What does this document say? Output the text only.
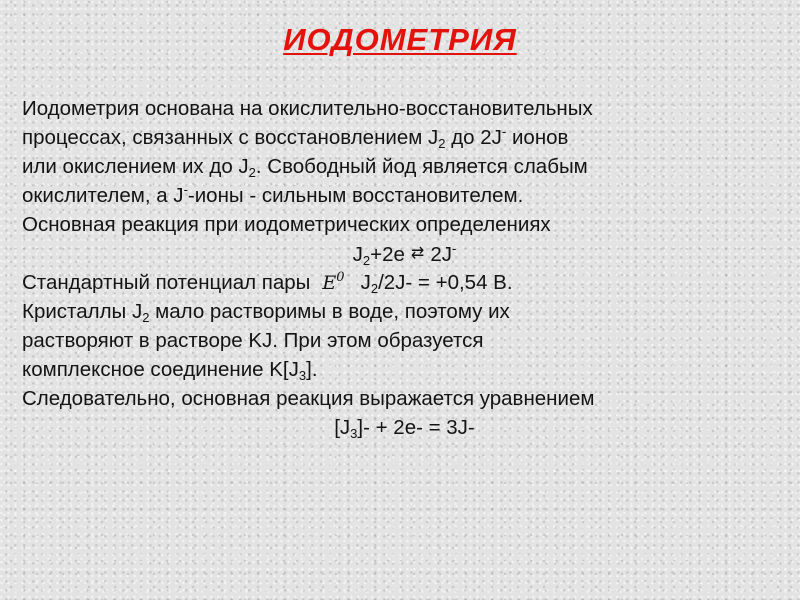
ИОДОМЕТРИЯ
Иодометрия основана на окислительно-восстановительных
процессах, связанных с восстановлением $J_2$ до 2J- ионов
или окислением их до $J_2$. Свободный йод является слабым
окислителем, а J--ионы - сильным восстановителем.
Основная реакция при иодометрических определениях
$J_2+2e$ ⇄ 2J-
Стандартный потенциал пары $E^0$ $J_2/2J- = +0,54$ В.
Кристаллы $J_2$ мало растворимы в воде, поэтому их
растворяют в растворе KJ. При этом образуется
комплексное соединение $K[J_3]$.
Следовательно, основная реакция выражается уравнением
$[J_3]- + 2e- = 3J-$
